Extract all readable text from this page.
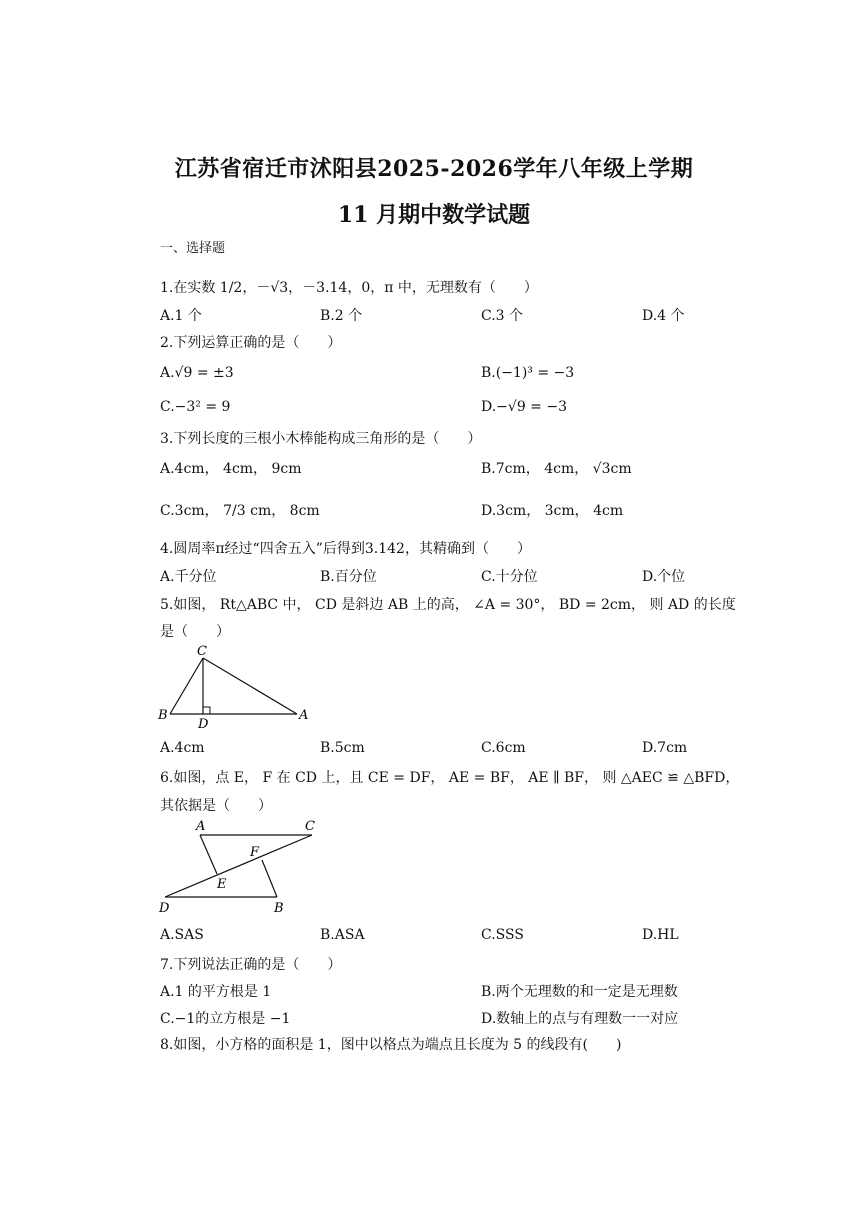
江苏省宿迁市沭阳县2025-2026学年八年级上学期
11 月期中数学试题
一、选择题
1.在实数 1/2，－√3，－3.14，0，π 中，无理数有（　　）
A.1 个	B.2 个	C.3 个	D.4 个
2.下列运算正确的是（　　）
A.√9 = ±3	B.(−1)³ = −3
C.−3² = 9	D.−√9 = −3
3.下列长度的三根小木棒能构成三角形的是（　　）
A.4cm， 4cm， 9cm	B.7cm， 4cm， √3cm
C.3cm， 7/3 cm， 8cm	D.3cm， 3cm， 4cm
4.圆周率π经过“四舍五入”后得到3.142，其精确到（　　）
A.千分位	B.百分位	C.十分位	D.个位
5.如图， Rt△ABC 中， CD 是斜边 AB 上的高， ∠A = 30°， BD = 2cm， 则 AD 的长度
是（　　）
C
B
D
A
A.4cm	B.5cm	C.6cm	D.7cm
6.如图，点 E， F 在 CD 上，且 CE = DF， AE = BF， AE ∥ BF， 则 △AEC ≌ △BFD，
其依据是（　　）
A	C
F
E
D	B
A.SAS	B.ASA	C.SSS	D.HL
7.下列说法正确的是（　　）
A.1 的平方根是 1	B.两个无理数的和一定是无理数
C.−1的立方根是 −1	D.数轴上的点与有理数一一对应
8.如图，小方格的面积是 1，图中以格点为端点且长度为 5 的线段有(　　)
